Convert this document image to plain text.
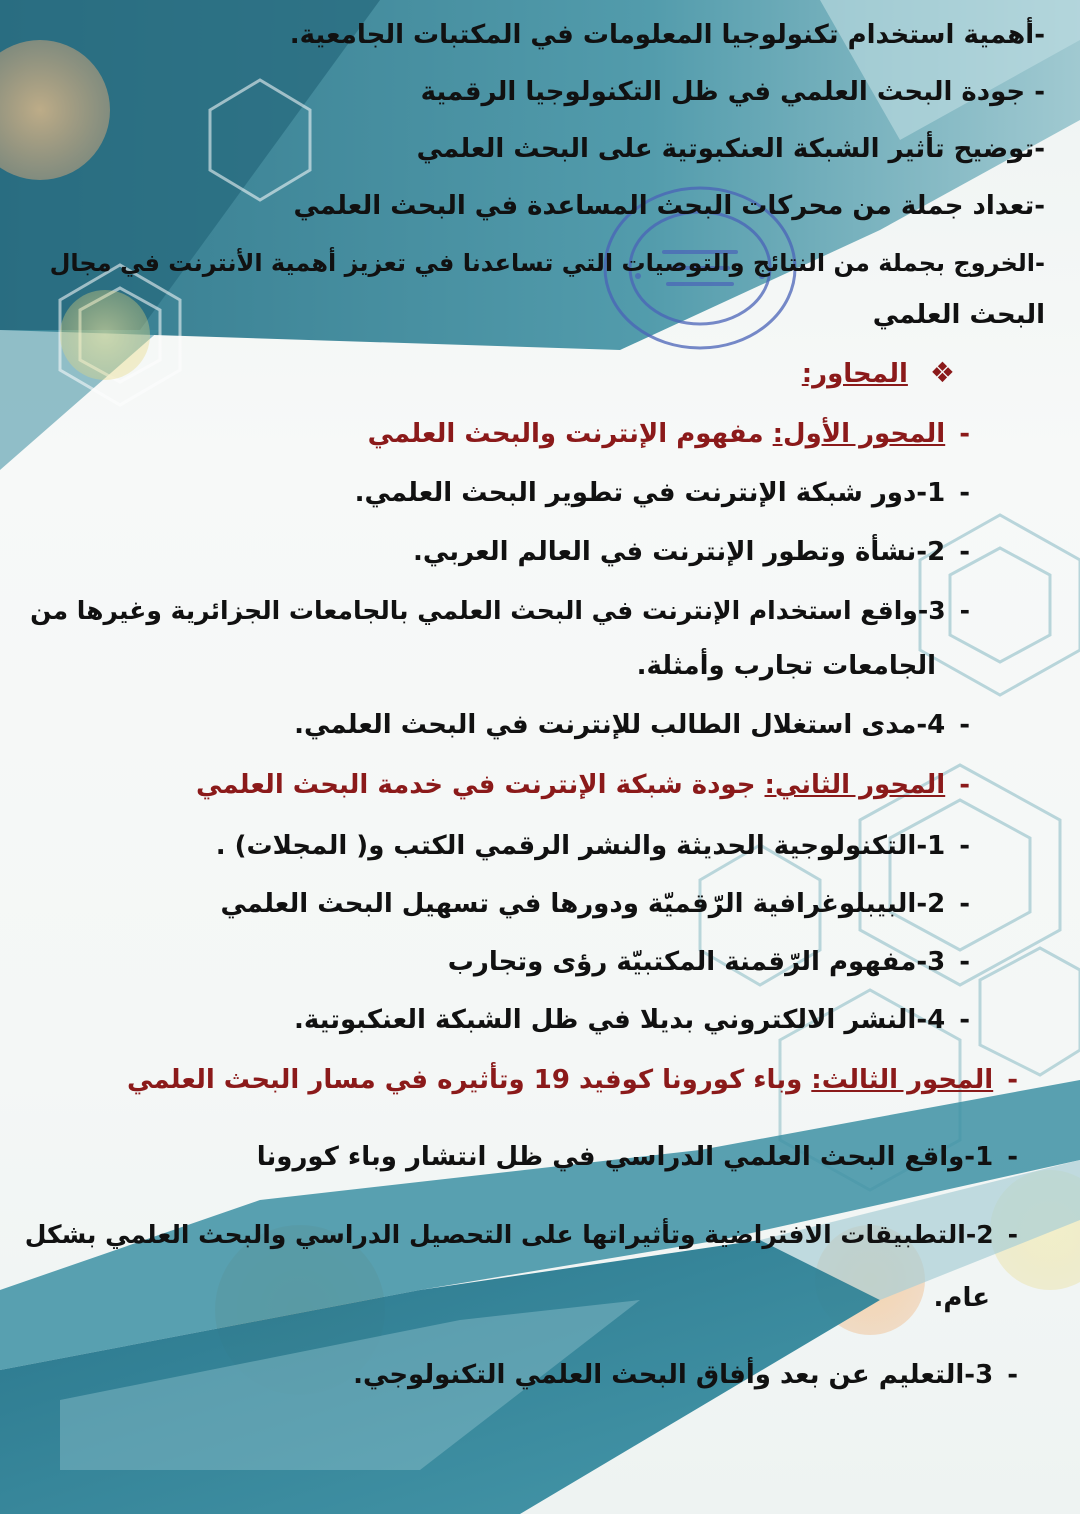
-أهمية استخدام تكنولوجيا المعلومات في المكتبات الجامعية.

- جودة البحث العلمي في ظل التكنولوجيا الرقمية

-توضيح تأثير الشبكة العنكبوتية على البحث العلمي

-تعداد جملة من محركات البحث المساعدة في البحث العلمي

-الخروج بجملة من النتائج والتوصيات التي تساعدنا في تعزيز أهمية الأنترنت في مجال

البحث العلمي

❖المحاور:

-المحور الأول: مفهوم الإنترنت والبحث العلمي

-1-دور شبكة الإنترنت في تطوير البحث العلمي.

-2-نشأة وتطور الإنترنت في العالم العربي.

-3-واقع استخدام الإنترنت في البحث العلمي بالجامعات الجزائرية وغيرها من

الجامعات تجارب وأمثلة.

-4-مدى استغلال الطالب للإنترنت في البحث العلمي.

-المحور الثاني: جودة شبكة الإنترنت في خدمة البحث العلمي

-1-التكنولوجية الحديثة والنشر الرقمي الكتب و( المجلات) .

-2-البيبلوغرافية الرّقميّة ودورها في تسهيل البحث العلمي

-3-مفهوم الرّقمنة المكتبيّة رؤى وتجارب

-4-النشر الالكتروني بديلا في ظل الشبكة العنكبوتية.

-المحور الثالث: وباء كورونا كوفيد 19 وتأثيره في مسار البحث العلمي

-1-واقع البحث العلمي الدراسي في ظل انتشار وباء كورونا

-2-التطبيقات الافتراضية وتأثيراتها على التحصيل الدراسي والبحث العلمي بشكل

عام.

-3-التعليم عن بعد وأفاق البحث العلمي التكنولوجي.
